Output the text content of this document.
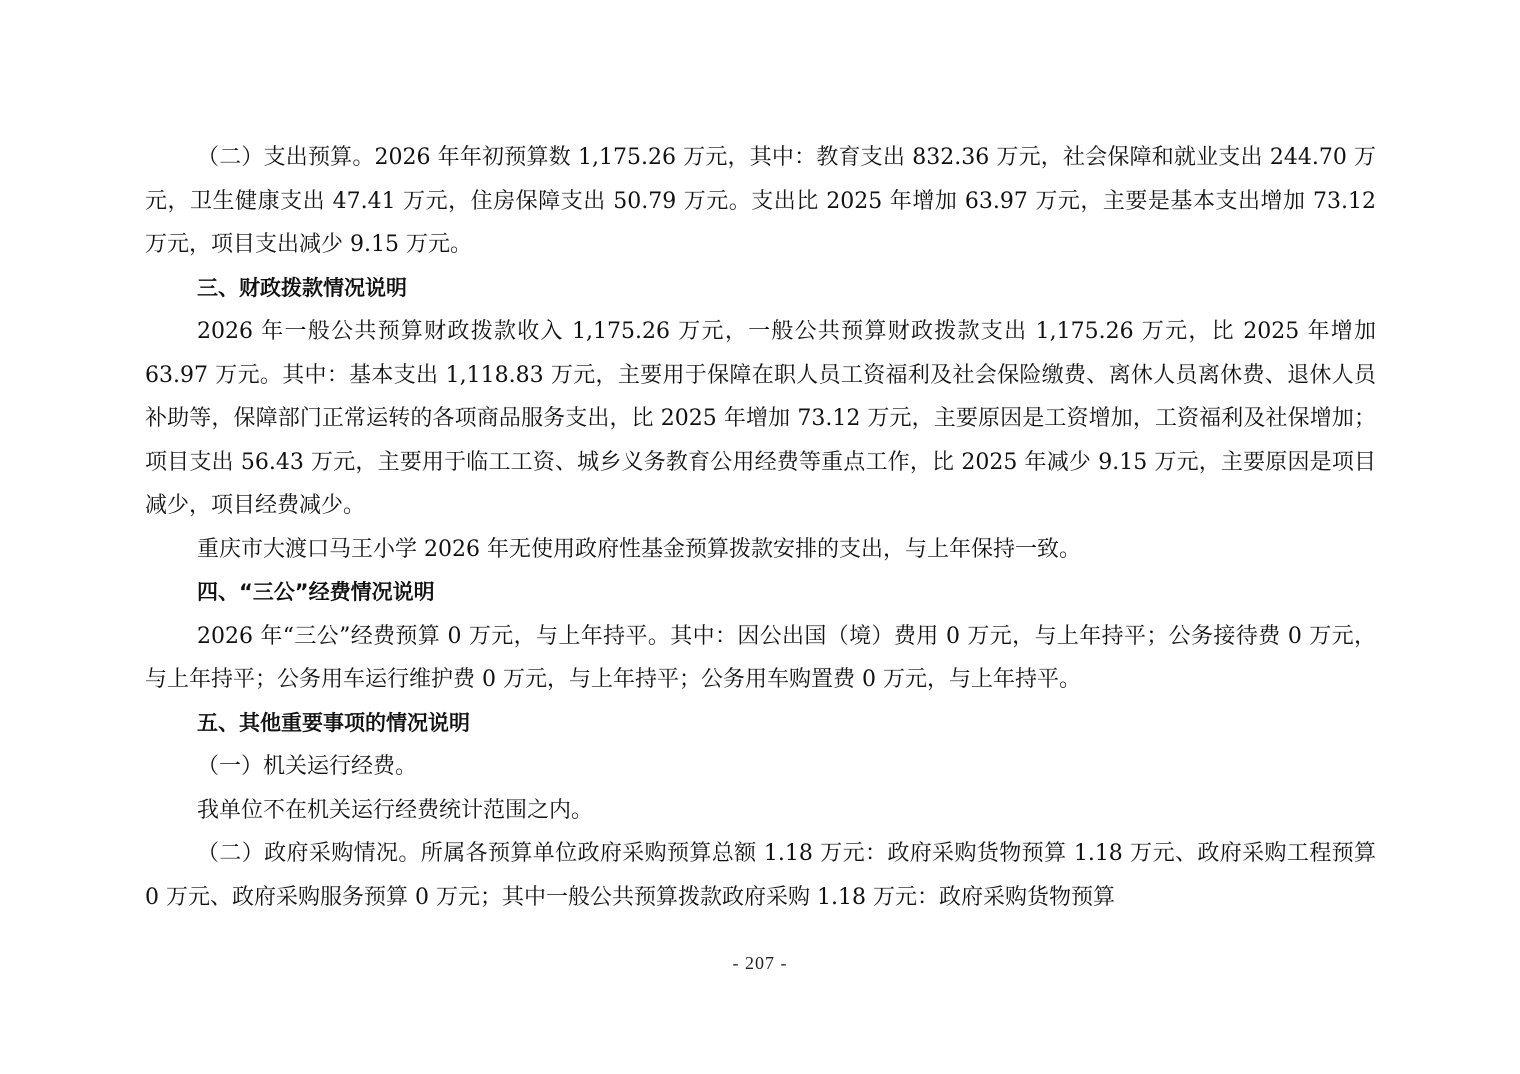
（二）支出预算。2026 年年初预算数 1,175.26 万元，其中：教育支出 832.36 万元，社会保障和就业支出 244.70 万元，卫生健康支出 47.41 万元，住房保障支出 50.79 万元。支出比 2025 年增加 63.97 万元，主要是基本支出增加 73.12 万元，项目支出减少 9.15 万元。

三、财政拨款情况说明

2026 年一般公共预算财政拨款收入 1,175.26 万元，一般公共预算财政拨款支出 1,175.26 万元，比 2025 年增加 63.97 万元。其中：基本支出 1,118.83 万元，主要用于保障在职人员工资福利及社会保险缴费、离休人员离休费、退休人员补助等，保障部门正常运转的各项商品服务支出，比 2025 年增加 73.12 万元，主要原因是工资增加，工资福利及社保增加；项目支出 56.43 万元，主要用于临工工资、城乡义务教育公用经费等重点工作，比 2025 年减少 9.15 万元，主要原因是项目减少，项目经费减少。

重庆市大渡口马王小学 2026 年无使用政府性基金预算拨款安排的支出，与上年保持一致。

四、“三公”经费情况说明

2026 年“三公”经费预算 0 万元，与上年持平。其中：因公出国（境）费用 0 万元，与上年持平；公务接待费 0 万元，与上年持平；公务用车运行维护费 0 万元，与上年持平；公务用车购置费 0 万元，与上年持平。

五、其他重要事项的情况说明

（一）机关运行经费。

我单位不在机关运行经费统计范围之内。

（二）政府采购情况。所属各预算单位政府采购预算总额 1.18 万元：政府采购货物预算 1.18 万元、政府采购工程预算 0 万元、政府采购服务预算 0 万元；其中一般公共预算拨款政府采购 1.18 万元：政府采购货物预算

- 207 -
